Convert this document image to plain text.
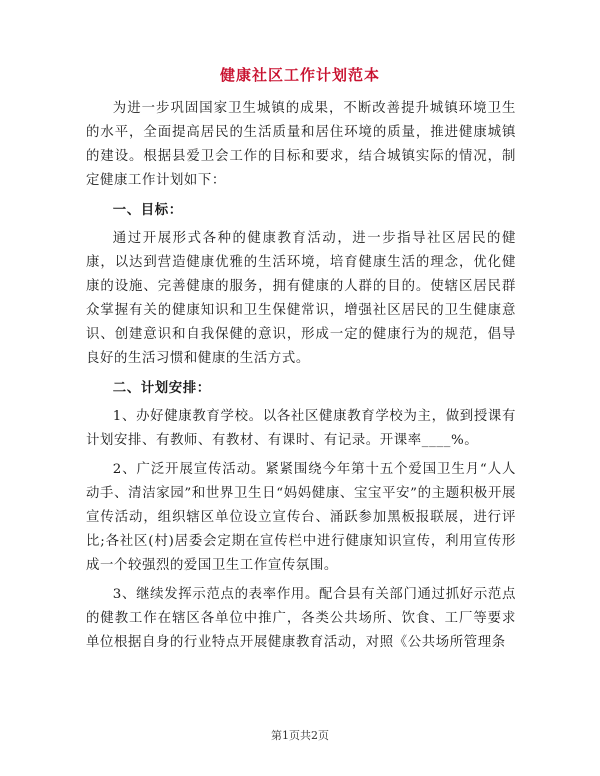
健康社区工作计划范本

为进一步巩固国家卫生城镇的成果，不断改善提升城镇环境卫生的水平，全面提高居民的生活质量和居住环境的质量，推进健康城镇的建设。根据县爱卫会工作的目标和要求，结合城镇实际的情况，制定健康工作计划如下：

一、目标：

通过开展形式各种的健康教育活动，进一步指导社区居民的健康，以达到营造健康优雅的生活环境，培育健康生活的理念，优化健康的设施、完善健康的服务，拥有健康的人群的目的。使辖区居民群众掌握有关的健康知识和卫生保健常识，增强社区居民的卫生健康意识、创建意识和自我保健的意识，形成一定的健康行为的规范，倡导良好的生活习惯和健康的生活方式。

二、计划安排：

1、办好健康教育学校。以各社区健康教育学校为主，做到授课有计划安排、有教师、有教材、有课时、有记录。开课率____%。

2、广泛开展宣传活动。紧紧围绕今年第十五个爱国卫生月“人人动手、清洁家园”和世界卫生日“妈妈健康、宝宝平安”的主题积极开展宣传活动，组织辖区单位设立宣传台、涌跃参加黑板报联展，进行评比;各社区(村)居委会定期在宣传栏中进行健康知识宣传，利用宣传形成一个较强烈的爱国卫生工作宣传氛围。

3、继续发挥示范点的表率作用。配合县有关部门通过抓好示范点的健教工作在辖区各单位中推广，各类公共场所、饮食、工厂等要求单位根据自身的行业特点开展健康教育活动，对照《公共场所管理条

第1页共2页
